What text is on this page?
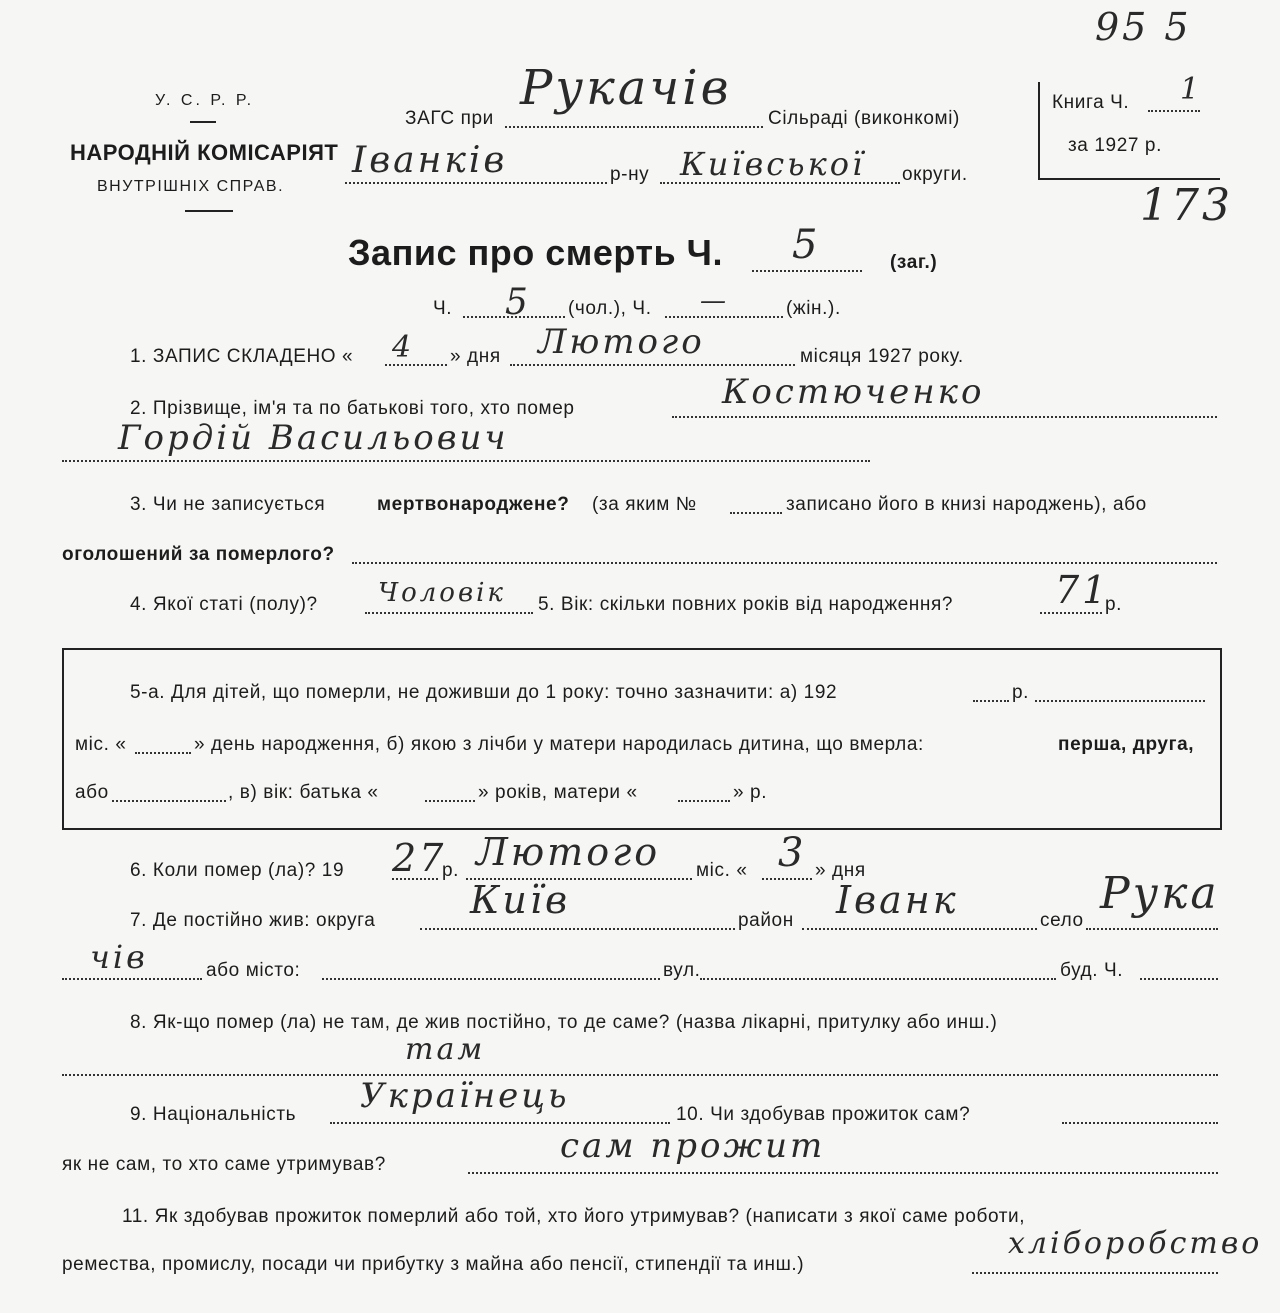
У. С. Р. Р.
НАРОДНІЙ КОМІСАРІЯТ
ВНУТРІШНІХ СПРАВ.
ЗАГС при
Рукачів
Сільраді (виконкомі)
Іванків	р-ну Київської округи.
Книга Ч. 1
за 1927 р.
95 5
173
Запис про смерть Ч. 5	(заг.)
Ч. 5 (чол.), Ч. —	(жін.).
1. ЗАПИС СКЛАДЕНО « 4 » дня Лютого	місяця 1927 року.
2. Прізвище, ім'я та по батькові того, хто помер	Костюченко
Гордій Васильович
3. Чи не записується	мертвонароджене? (за яким №	записано його в книзі народжень), або
оголошений за померлого?
4. Якої статі (полу)? Чоловік 5. Вік: скільки повних років від народження?	71
р.
5-а. Для дітей, що померли, не доживши до 1 року: точно зазначити: а) 192	р.
міс. «	» день народження, б) якою з лічби у матери народилась дитина, що вмерла:	перша, друга,
або	, в) вік: батька «	» років, матери «	» р.
6. Коли помер (ла)? 19 27
р. Лютого міс. « 3 » дня
7. Де постійно жив: округа Київ	район Іванк	село
Рука
чів	або місто:	вул.	буд. Ч.
8. Як-що помер (ла) не там, де жив постійно, то де саме? (назва лікарні, притулку або инш.)
там
9. Національність Українець	10. Чи здобував прожиток сам?
як не сам, то хто саме утримував?	сам прожит
11. Як здобував прожиток померлий або той, хто його утримував? (написати з якої саме роботи,
ремества, промислу, посади чи прибутку з майна або пенсії, стипендії та инш.)
хліборобство
